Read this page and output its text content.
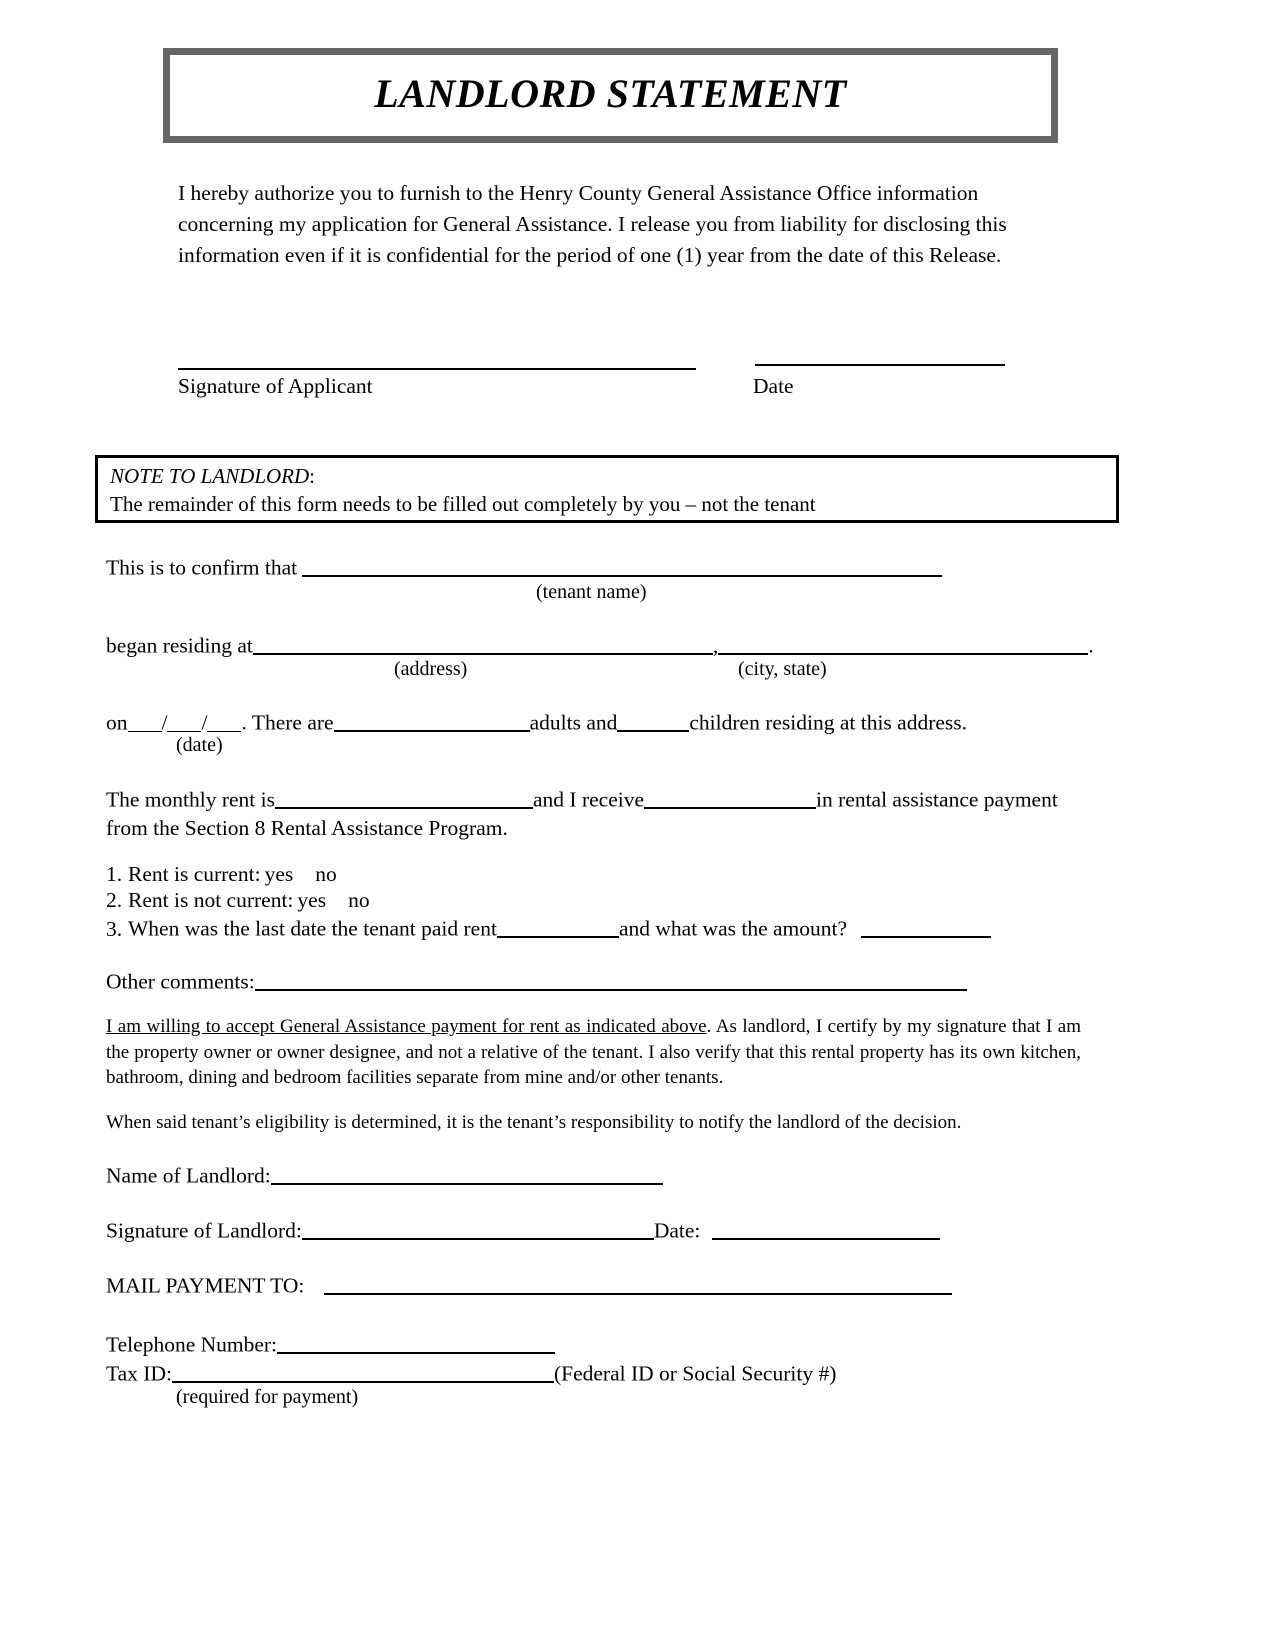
LANDLORD STATEMENT

I hereby authorize you to furnish to the Henry County General Assistance Office information concerning my application for General Assistance. I release you from liability for disclosing this information even if it is confidential for the period of one (1) year from the date of this Release.

Signature of Applicant	Date
NOTE TO LANDLORD:
The remainder of this form needs to be filled out completely by you – not the tenant
This is to confirm that
(tenant name)
began residing at	,	.
(address)	(city, state)
on / / . There are	adults and	children residing at this address.
(date)
The monthly rent is	and I receive	in rental assistance payment
from the Section 8 Rental Assistance Program.
1. Rent is current: yes no
2. Rent is not current: yes no
3. When was the last date the tenant paid rent	and what was the amount?
Other comments:
I am willing to accept General Assistance payment for rent as indicated above. As landlord, I certify by my signature that I am the property owner or owner designee, and not a relative of the tenant. I also verify that this rental property has its own kitchen, bathroom, dining and bedroom facilities separate from mine and/or other tenants.
When said tenant’s eligibility is determined, it is the tenant’s responsibility to notify the landlord of the decision.
Name of Landlord:
Signature of Landlord:	Date:
MAIL PAYMENT TO:
Telephone Number:
Tax ID:	(Federal ID or Social Security #)
(required for payment)
